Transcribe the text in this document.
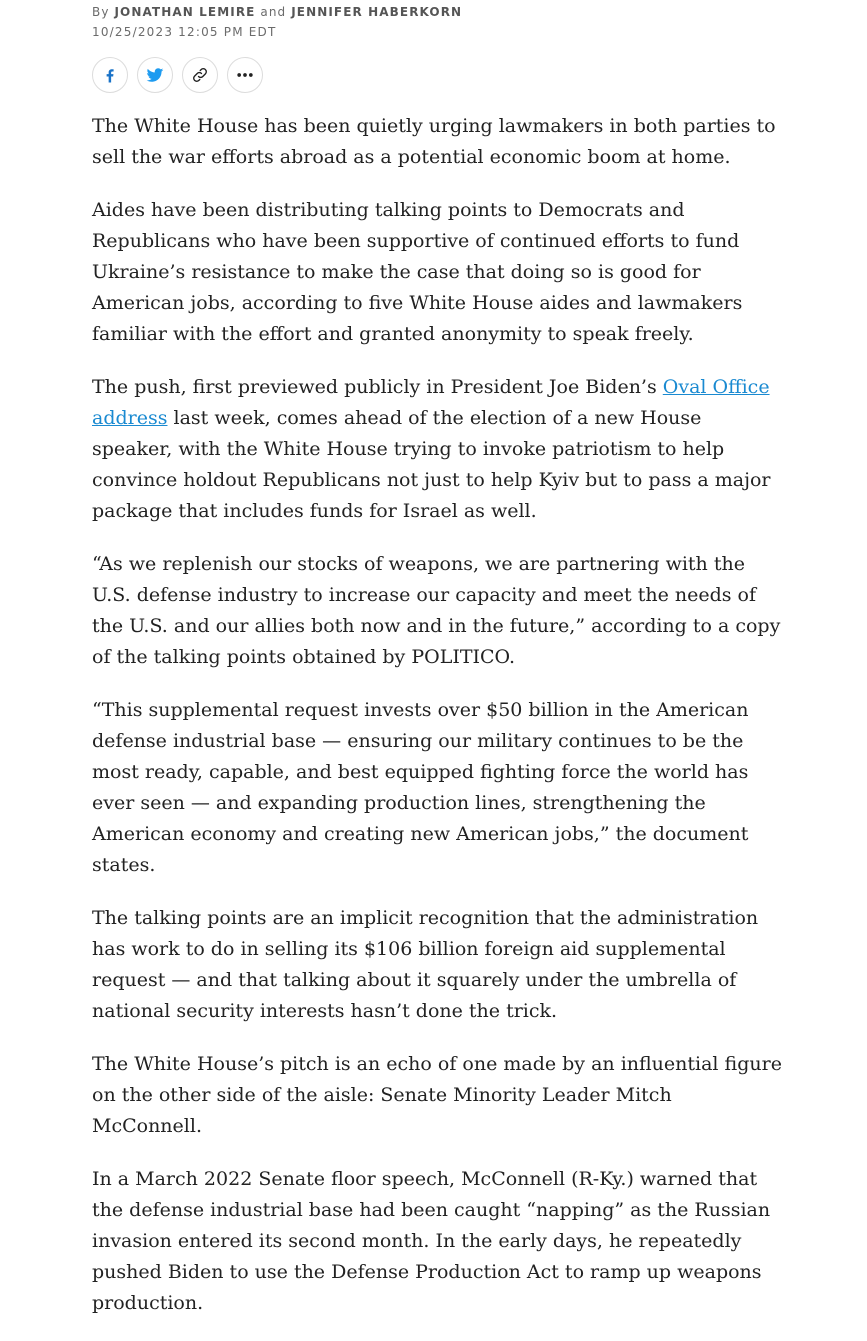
By JONATHAN LEMIRE and JENNIFER HABERKORN
10/25/2023 12:05 PM EDT

The White House has been quietly urging lawmakers in both parties to sell the war efforts abroad as a potential economic boom at home.

Aides have been distributing talking points to Democrats and Republicans who have been supportive of continued efforts to fund Ukraine’s resistance to make the case that doing so is good for American jobs, according to five White House aides and lawmakers familiar with the effort and granted anonymity to speak freely.

The push, first previewed publicly in President Joe Biden’s Oval Office address last week, comes ahead of the election of a new House speaker, with the White House trying to invoke patriotism to help convince holdout Republicans not just to help Kyiv but to pass a major package that includes funds for Israel as well.

“As we replenish our stocks of weapons, we are partnering with the U.S. defense industry to increase our capacity and meet the needs of the U.S. and our allies both now and in the future,” according to a copy of the talking points obtained by POLITICO.

“This supplemental request invests over $50 billion in the American defense industrial base — ensuring our military continues to be the most ready, capable, and best equipped fighting force the world has ever seen — and expanding production lines, strengthening the American economy and creating new American jobs,” the document states.

The talking points are an implicit recognition that the administration has work to do in selling its $106 billion foreign aid supplemental request — and that talking about it squarely under the umbrella of national security interests hasn’t done the trick.

The White House’s pitch is an echo of one made by an influential figure on the other side of the aisle: Senate Minority Leader Mitch McConnell.

In a March 2022 Senate floor speech, McConnell (R-Ky.) warned that the defense industrial base had been caught “napping” as the Russian invasion entered its second month. In the early days, he repeatedly pushed Biden to use the Defense Production Act to ramp up weapons production.
